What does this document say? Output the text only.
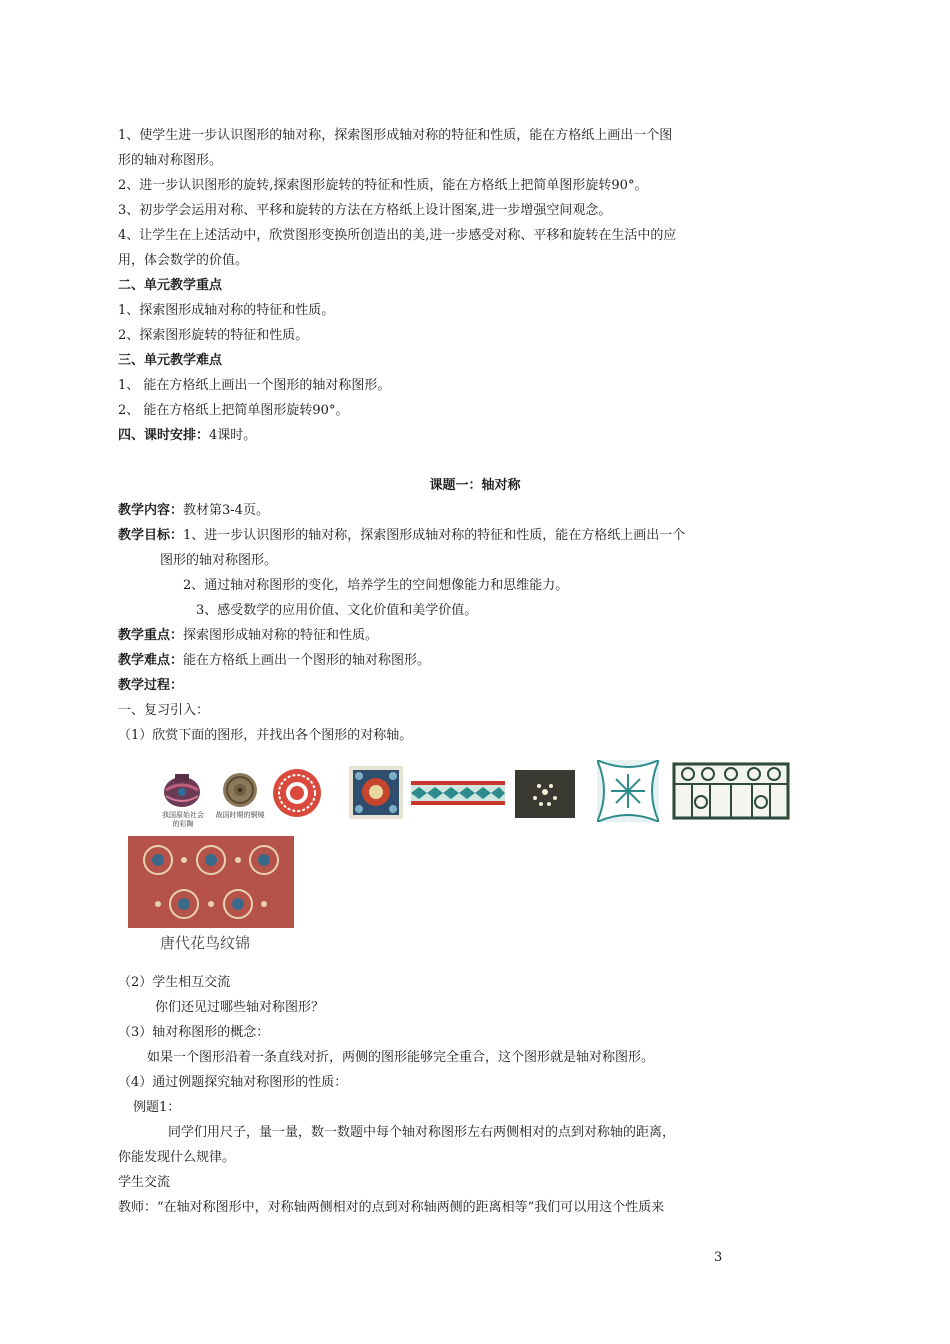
1、使学生进一步认识图形的轴对称，探索图形成轴对称的特征和性质，能在方格纸上画出一个图
形的轴对称图形。
2、进一步认识图形的旋转,探索图形旋转的特征和性质，能在方格纸上把简单图形旋转90°。
3、初步学会运用对称、平移和旋转的方法在方格纸上设计图案,进一步增强空间观念。
4、让学生在上述活动中，欣赏图形变换所创造出的美,进一步感受对称、平移和旋转在生活中的应
用，体会数学的价值。
二、单元教学重点
1、探索图形成轴对称的特征和性质。
2、探索图形旋转的特征和性质。
三、单元教学难点
1、 能在方格纸上画出一个图形的轴对称图形。
2、 能在方格纸上把简单图形旋转90°。
四、课时安排：4课时。
课题一：轴对称
教学内容：教材第3-4页。
教学目标：1、进一步认识图形的轴对称，探索图形成轴对称的特征和性质，能在方格纸上画出一个
图形的轴对称图形。
2、通过轴对称图形的变化，培养学生的空间想像能力和思维能力。
3、感受数学的应用价值、文化价值和美学价值。
教学重点：探索图形成轴对称的特征和性质。
教学难点：能在方格纸上画出一个图形的轴对称图形。
教学过程：
一、复习引入：
（1）欣赏下面的图形，并找出各个图形的对称轴。
我国原始社会的彩陶
战国时期的铜镜
唐代花鸟纹锦
（2）学生相互交流
你们还见过哪些轴对称图形？
（3）轴对称图形的概念：
如果一个图形沿着一条直线对折，两侧的图形能够完全重合，这个图形就是轴对称图形。
（4）通过例题探究轴对称图形的性质：
例题1：
同学们用尺子，量一量，数一数题中每个轴对称图形左右两侧相对的点到对称轴的距离，
你能发现什么规律。
学生交流
教师：“在轴对称图形中，对称轴两侧相对的点到对称轴两侧的距离相等”我们可以用这个性质来
3
